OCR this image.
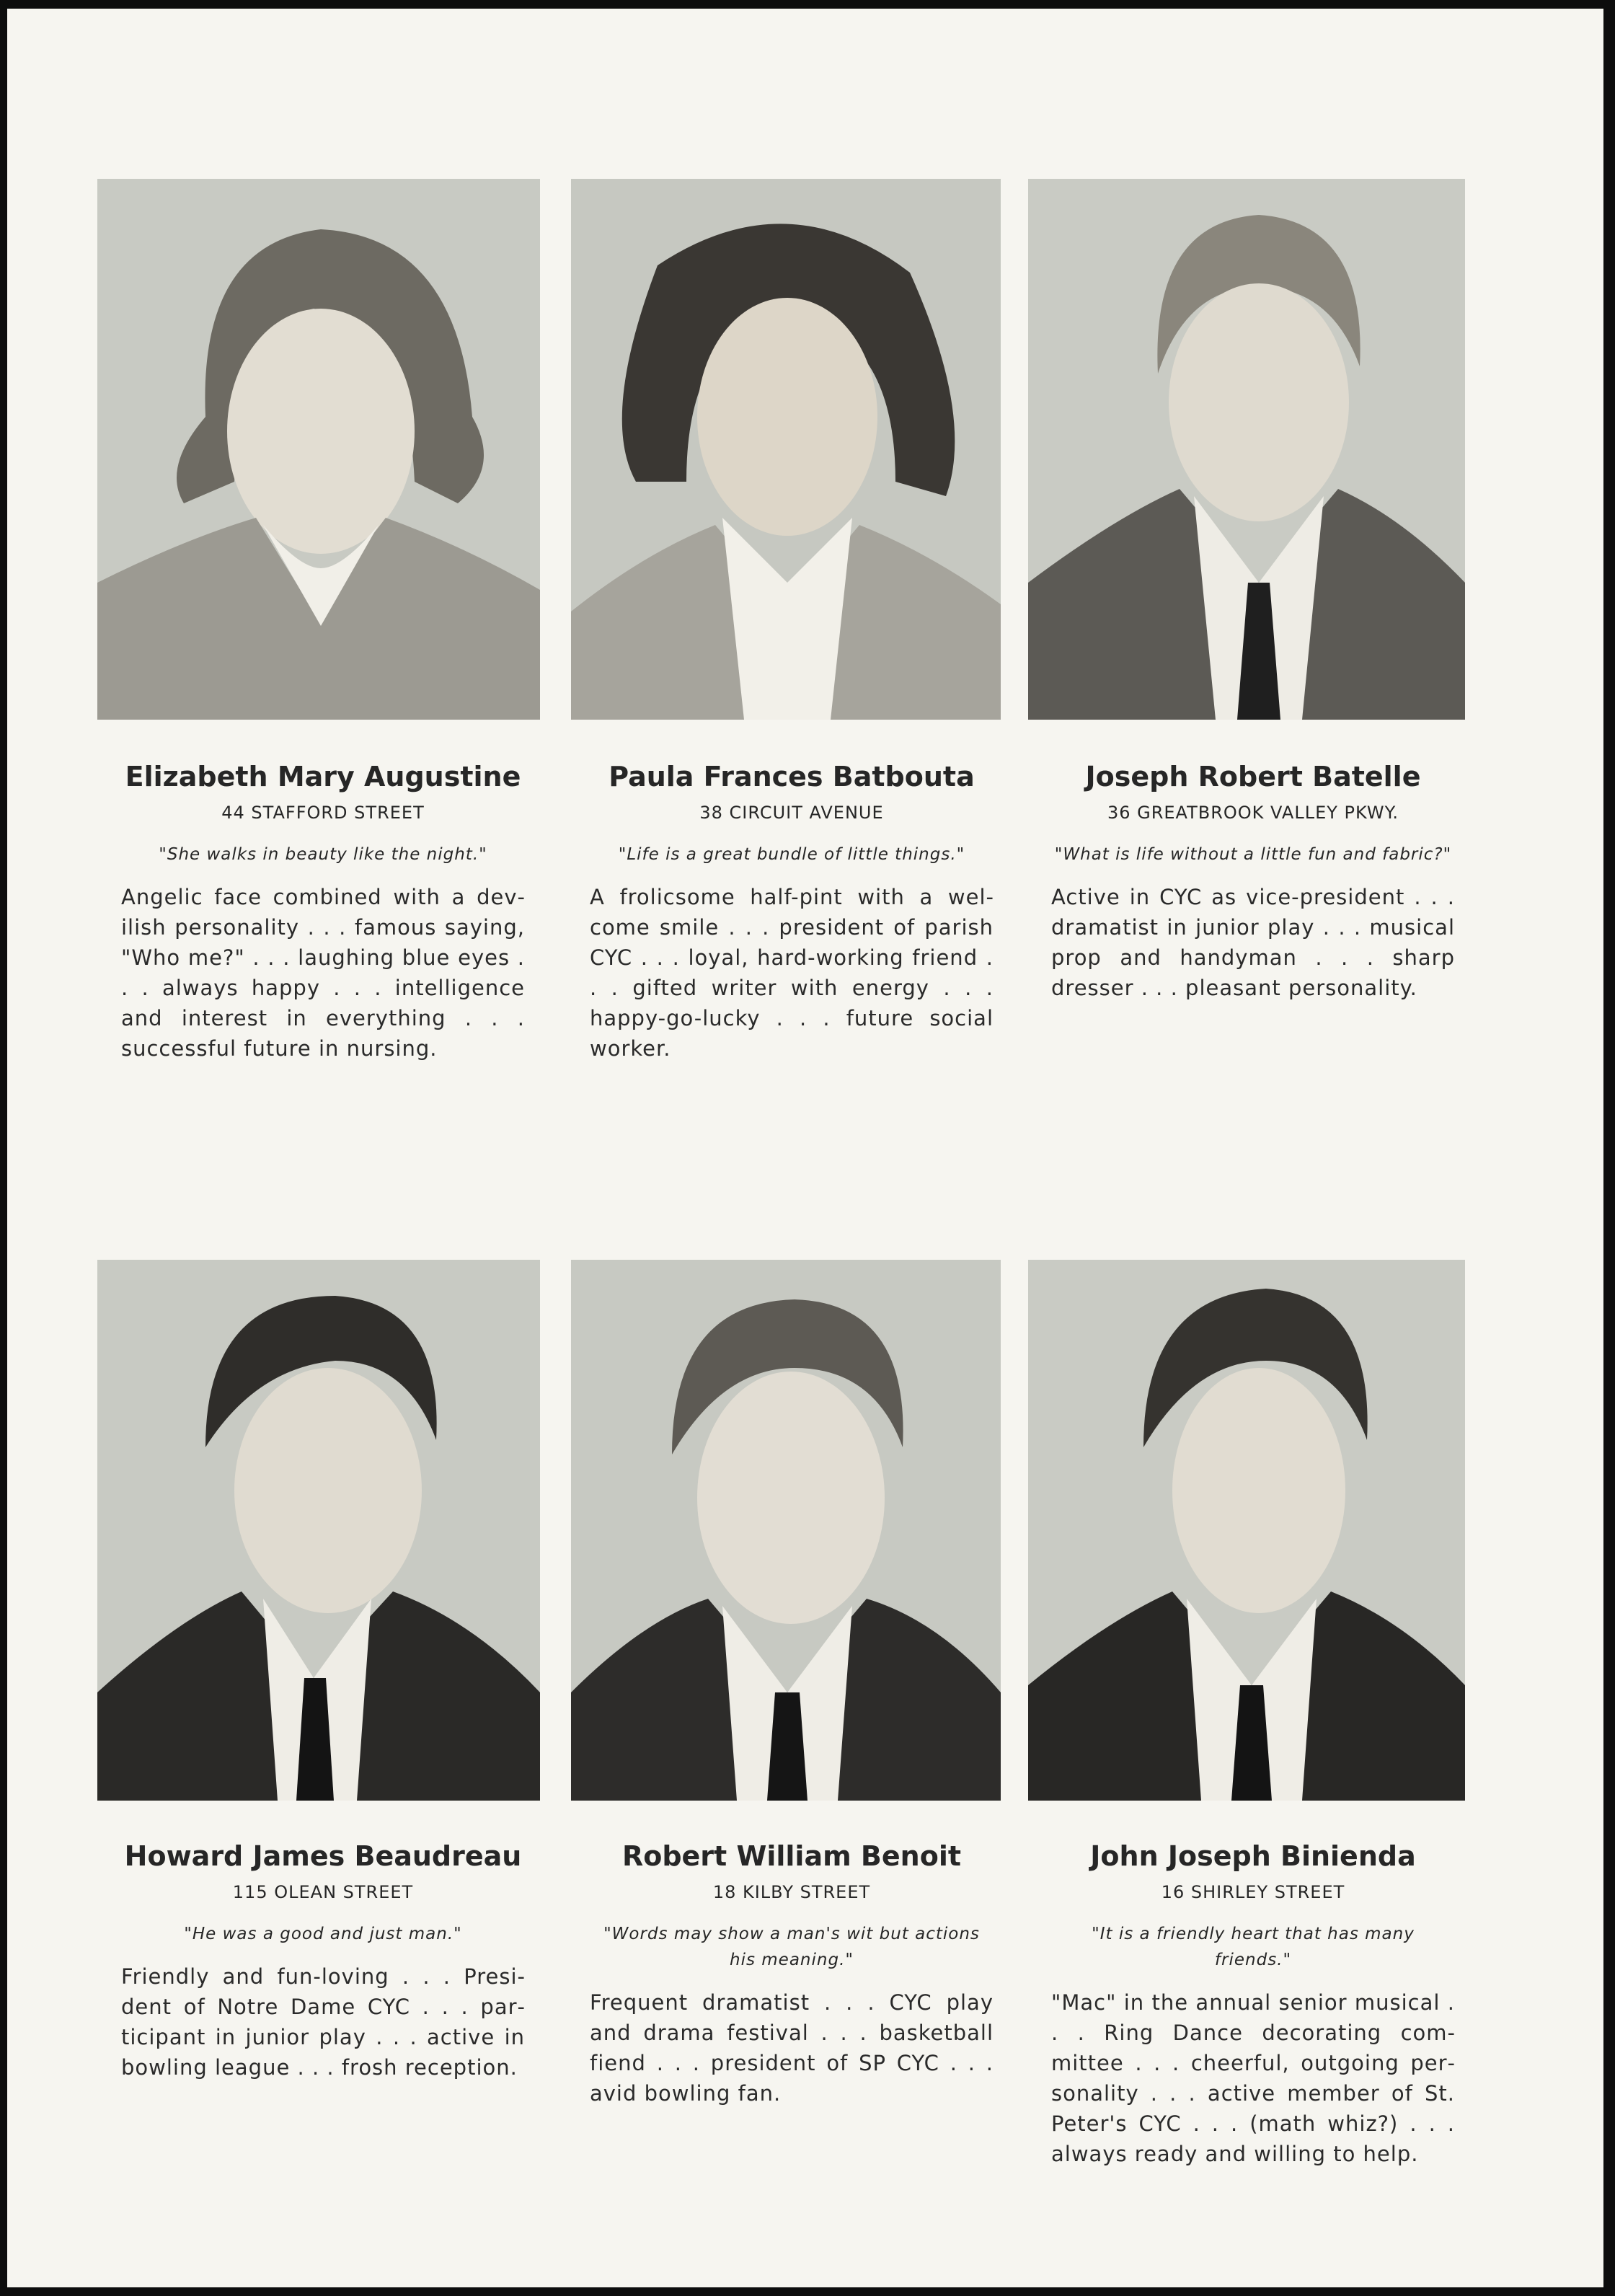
Elizabeth Mary Augustine
44 STAFFORD STREET
"She walks in beauty like the night."
Angelic face combined with a devilish personality . . . famous saying, "Who me?" . . . laughing blue eyes . . . always happy . . . intelligence and interest in everything . . . successful future in nursing.
Paula Frances Batbouta
38 CIRCUIT AVENUE
"Life is a great bundle of little things."
A frolicsome half-pint with a welcome smile . . . president of parish CYC . . . loyal, hard-working friend . . . gifted writer with energy . . . happy-go-lucky . . . future social worker.
Joseph Robert Batelle
36 GREATBROOK VALLEY PKWY.
"What is life without a little fun and fabric?"
Active in CYC as vice-president . . . dramatist in junior play . . . musical prop and handyman . . . sharp dresser . . . pleasant personality.
Howard James Beaudreau
115 OLEAN STREET
"He was a good and just man."
Friendly and fun-loving . . . President of Notre Dame CYC . . . participant in junior play . . . active in bowling league . . . frosh reception.
Robert William Benoit
18 KILBY STREET
"Words may show a man's wit but actions his meaning."
Frequent dramatist . . . CYC play and drama festival . . . basketball fiend . . . president of SP CYC . . . avid bowling fan.
John Joseph Binienda
16 SHIRLEY STREET
"It is a friendly heart that has many friends."
"Mac" in the annual senior musical . . . Ring Dance decorating committee . . . cheerful, outgoing personality . . . active member of St. Peter's CYC . . . (math whiz?) . . . always ready and willing to help.
